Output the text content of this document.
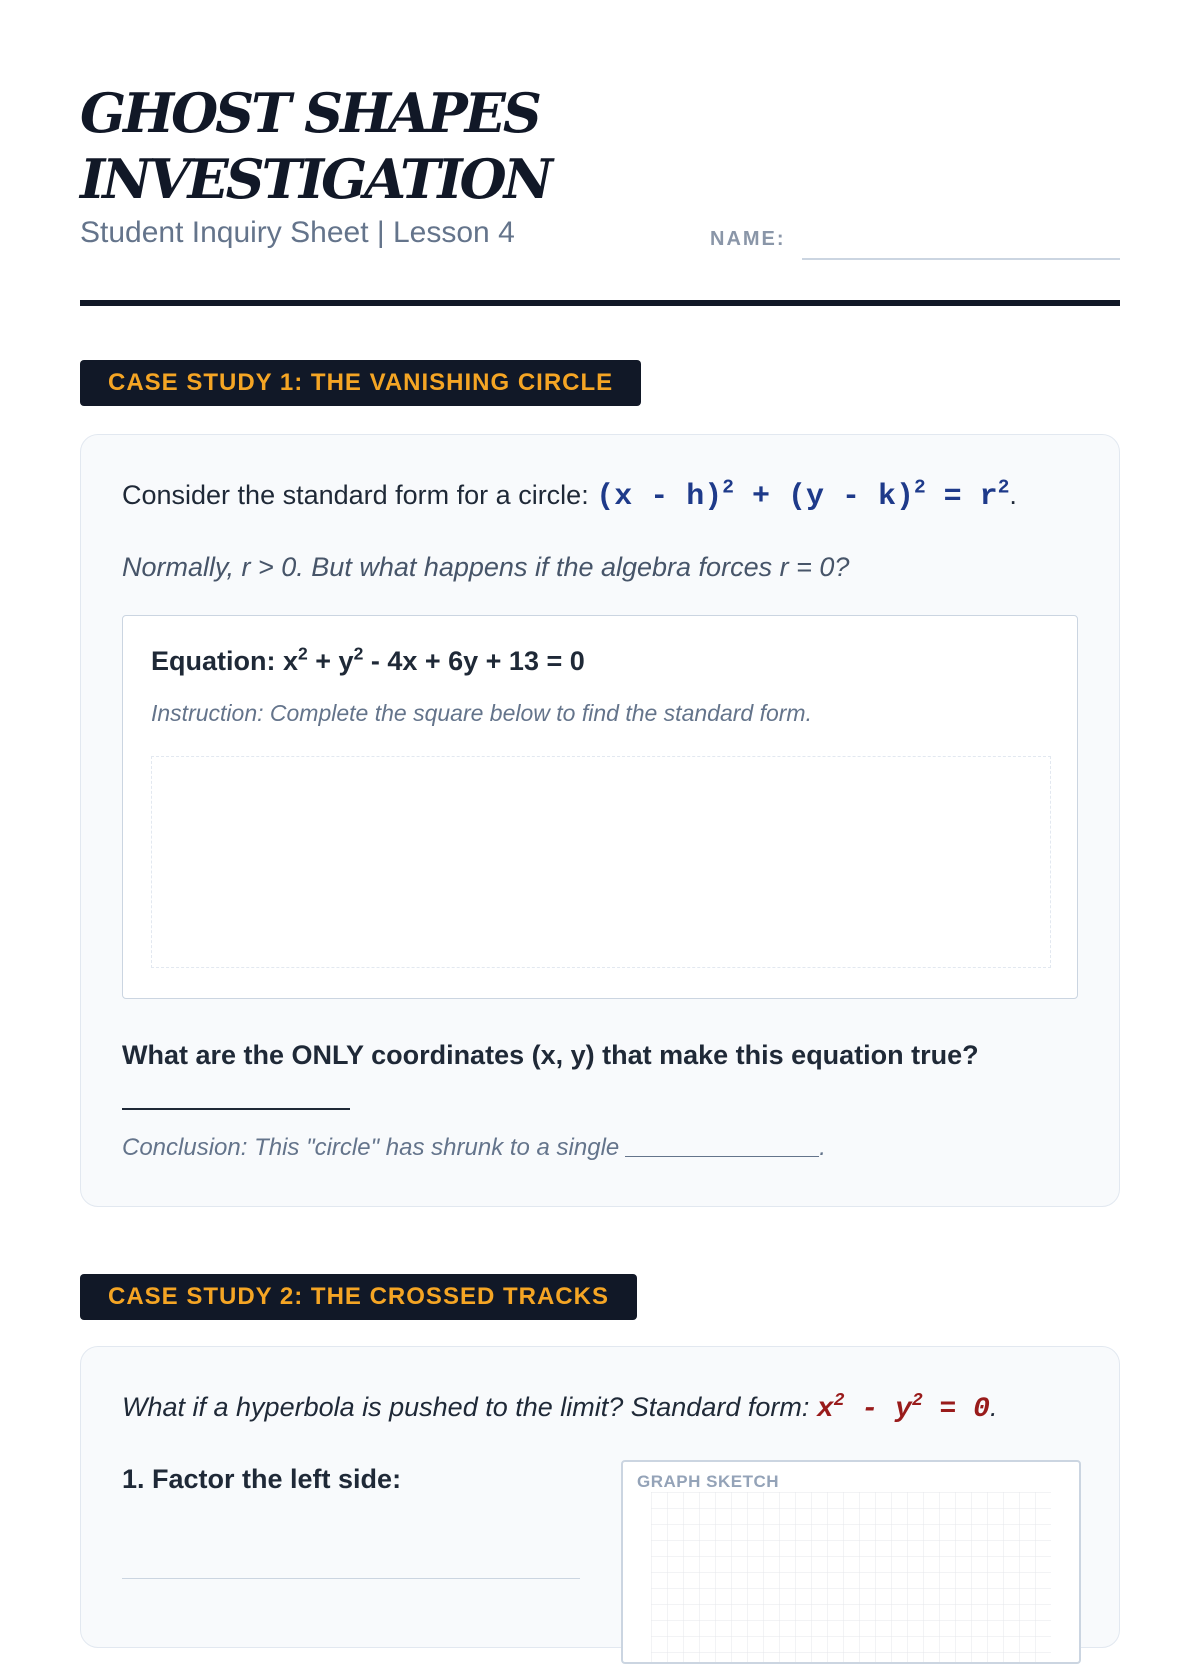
GHOST SHAPES
INVESTIGATION
Student Inquiry Sheet | Lesson 4	NAME:
CASE STUDY 1: THE VANISHING CIRCLE
Consider the standard form for a circle: $(x - h)^2 + (y - k)^2 = r^2$.
Normally, r > 0. But what happens if the algebra forces r = 0?
Equation: $x^2 + y^2 - 4x + 6y + 13 = 0$
Instruction: Complete the square below to find the standard form.
What are the ONLY coordinates (x, y) that make this equation true?
Conclusion: This "circle" has shrunk to a single	.
CASE STUDY 2: THE CROSSED TRACKS
What if a hyperbola is pushed to the limit? Standard form: $x^2 - y^2 = 0$.
1. Factor the left side:	GRAPH SKETCH
